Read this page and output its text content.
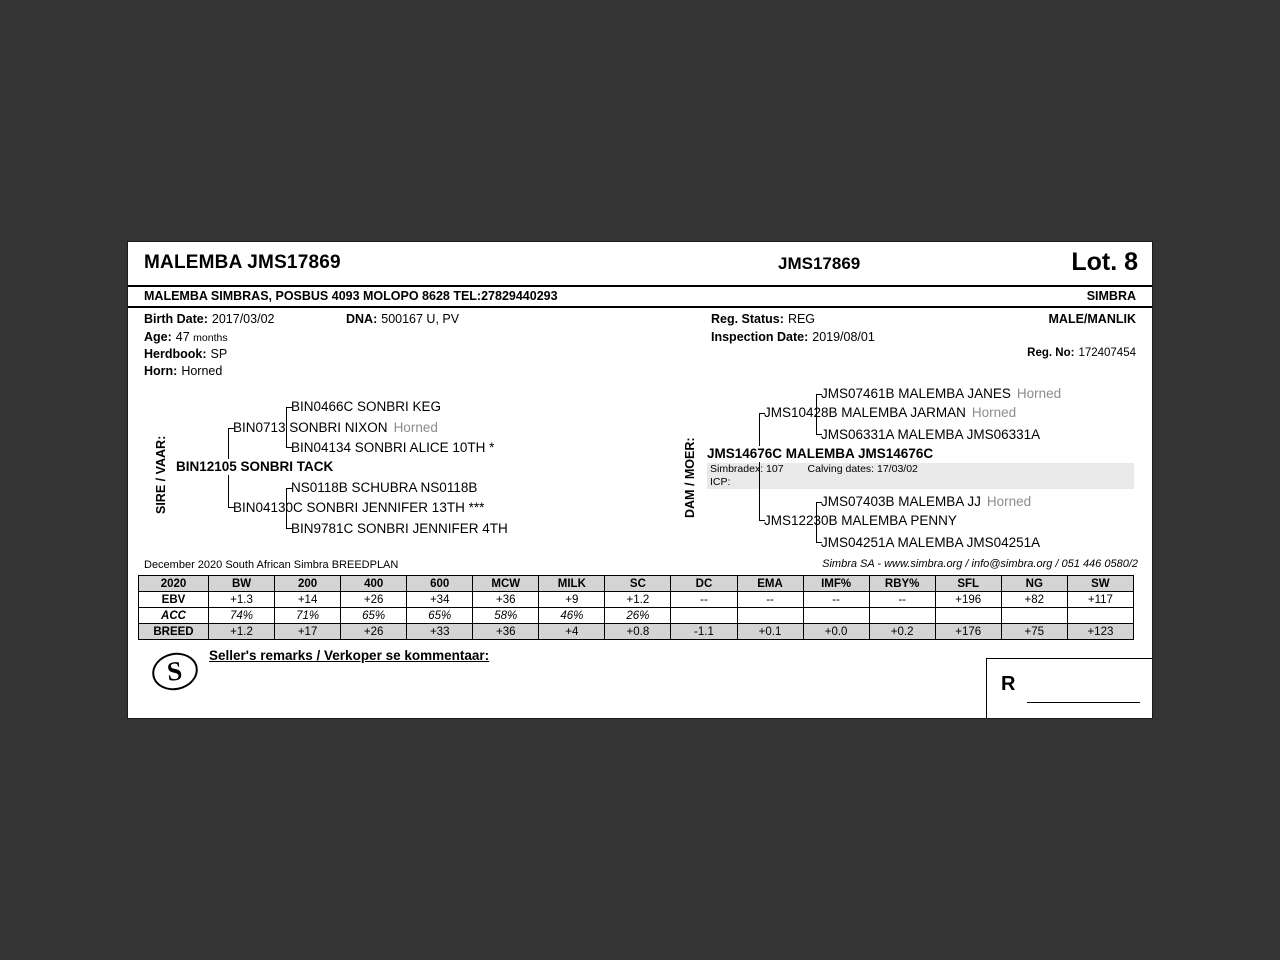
MALEMBA JMS17869	JMS17869	Lot. 8
MALEMBA SIMBRAS, POSBUS 4093 MOLOPO 8628 TEL:27829440293	SIMBRA
Birth Date: 2017/03/02	DNA: 500167 U, PV	Reg. Status: REG	MALE/MANLIK
Age: 47 months	Inspection Date: 2019/08/01
Herdbook: SP	Reg. No: 172407454
Horn: Horned
SIRE / VAAR:
BIN0466C SONBRI KEG
BIN0713 SONBRI NIXON Horned
BIN04134 SONBRI ALICE 10TH *
BIN12105 SONBRI TACK
NS0118B SCHUBRA NS0118B
BIN04130C SONBRI JENNIFER 13TH ***
BIN9781C SONBRI JENNIFER 4TH
DAM / MOER:
JMS07461B MALEMBA JANES Horned
JMS10428B MALEMBA JARMAN Horned
JMS06331A MALEMBA JMS06331A
JMS14676C MALEMBA JMS14676C
Simbradex: 107 Calving dates: 17/03/02
ICP:
JMS07403B MALEMBA JJ Horned
JMS12230B MALEMBA PENNY
JMS04251A MALEMBA JMS04251A
December 2020 South African Simbra BREEDPLAN	Simbra SA - www.simbra.org / info@simbra.org / 051 446 0580/2
2020	BW	200	400	600	MCW	MILK	SC	DC	EMA	IMF%	RBY%	SFL	NG	SW
EBV	+1.3	+14	+26	+34	+36	+9	+1.2	--	--	--	--	+196	+82	+117
ACC	74%	71%	65%	65%	58%	46%	26%							
BREED	+1.2	+17	+26	+33	+36	+4	+0.8	-1.1	+0.1	+0.0	+0.2	+176	+75	+123
S Seller's remarks / Verkoper se kommentaar:
R
